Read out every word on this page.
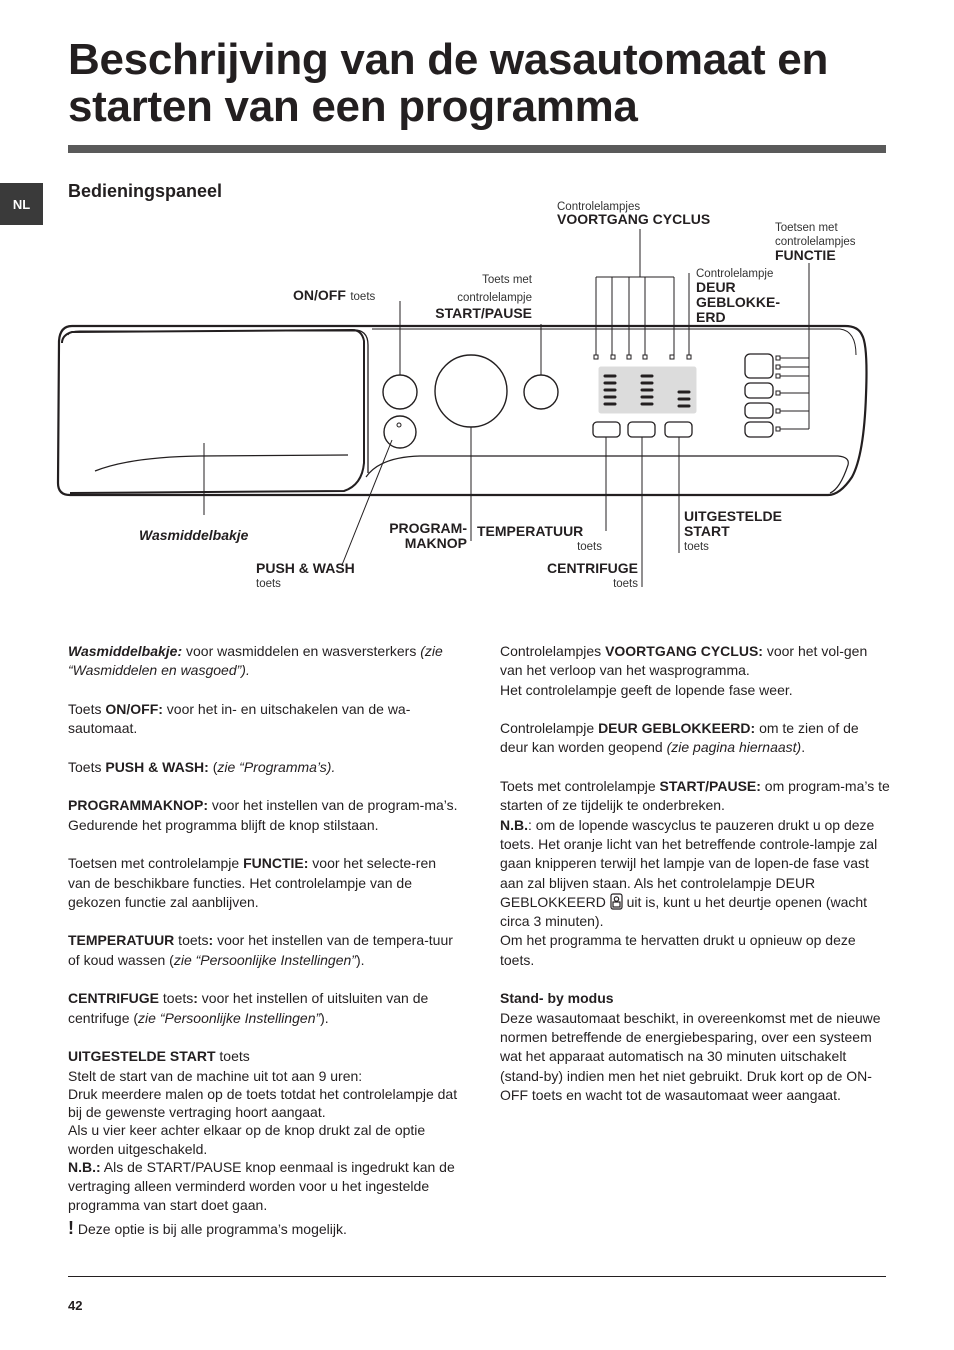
Beschrijving van de wasautomaat en starten van een programma
NL
Bedieningspaneel
Controlelampjes
VOORTGANG CYCLUS
Toetsen met
controlelampjes
FUNCTIE
Controlelampje
DEUR
GEBLOKKE-
ERD
Toets met
controlelampje
START/PAUSE
ON/OFF toets
Wasmiddelbakje
PUSH & WASH
toets
PROGRAM-
MAKNOP
TEMPERATUUR
toets
CENTRIFUGE
toets
UITGESTELDE
START
toets

Wasmiddelbakje: voor wasmiddelen en wasversterkers (zie “Wasmiddelen en wasgoed”).

Toets ON/OFF: voor het in- en uitschakelen van de wa-sautomaat.

Toets PUSH & WASH: (zie “Programma’s).

PROGRAMMAKNOP: voor het instellen van de program-ma’s. Gedurende het programma blijft de knop stilstaan.

Toetsen met controlelampje FUNCTIE: voor het selecte-ren van de beschikbare functies. Het controlelampje van de gekozen functie zal aanblijven.

TEMPERATUUR toets: voor het instellen van de tempera-tuur of koud wassen (zie “Persoonlijke Instellingen”).

CENTRIFUGE toets: voor het instellen of uitsluiten van de centrifuge (zie “Persoonlijke Instellingen”).

UITGESTELDE START toets
Stelt de start van de machine uit tot aan 9 uren:
Druk meerdere malen op de toets totdat het controlelampje dat bij de gewenste vertraging hoort aangaat.
Als u vier keer achter elkaar op de knop drukt zal de optie worden uitgeschakeld.
N.B.: Als de START/PAUSE knop eenmaal is ingedrukt kan de vertraging alleen verminderd worden voor u het ingestelde programma van start doet gaan.
! Deze optie is bij alle programma’s mogelijk.

Controlelampjes VOORTGANG CYCLUS: voor het vol-gen van het verloop van het wasprogramma.
Het controlelampje geeft de lopende fase weer.

Controlelampje DEUR GEBLOKKEERD: om te zien of de deur kan worden geopend (zie pagina hiernaast).

Toets met controlelampje START/PAUSE: om program-ma’s te starten of ze tijdelijk te onderbreken.
N.B.: om de lopende wascyclus te pauzeren drukt u op deze toets. Het oranje licht van het betreffende controle-lampje zal gaan knipperen terwijl het lampje van de lopen-de fase vast aan zal blijven staan. Als het controlelampje DEUR GEBLOKKEERD  uit is, kunt u het deurtje openen (wacht circa 3 minuten).
Om het programma te hervatten drukt u opnieuw op deze toets.

Stand- by modus
Deze wasautomaat beschikt, in overeenkomst met de nieuwe normen betreffende de energiebesparing, over een systeem wat het apparaat automatisch na 30 minuten uitschakelt (stand-by) indien men het niet gebruikt. Druk kort op de ON-OFF toets en wacht tot de wasautomaat weer aangaat.
42
